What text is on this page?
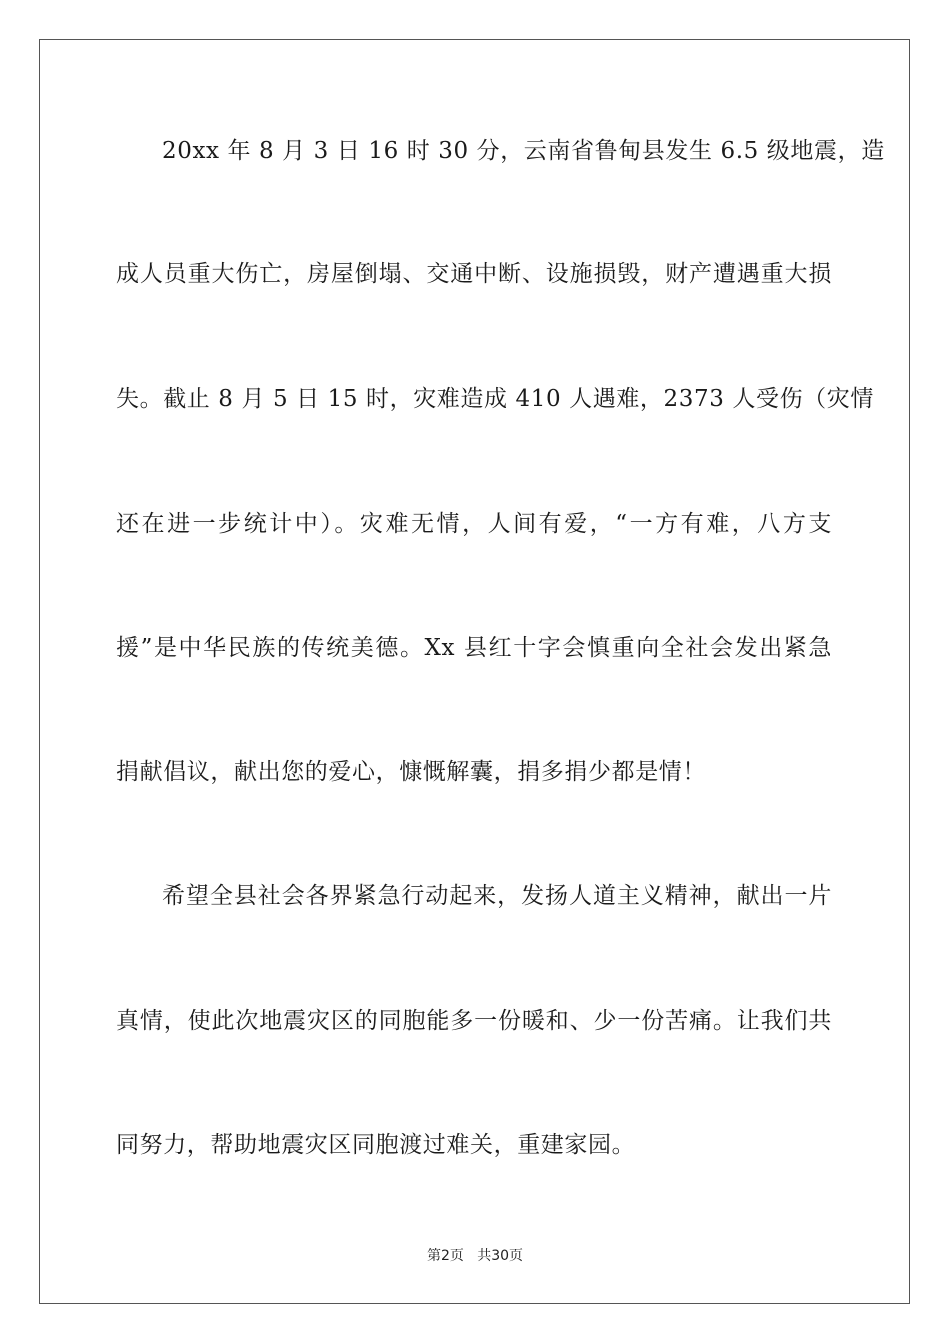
20xx 年 8 月 3 日 16 时 30 分，云南省鲁甸县发生 6.5 级地震，造
成人员重大伤亡，房屋倒塌、交通中断、设施损毁，财产遭遇重大损
失。截止 8 月 5 日 15 时，灾难造成 410 人遇难，2373 人受伤（灾情
还在进一步统计中）。灾难无情，人间有爱，“一方有难，八方支
援”是中华民族的传统美德。Xx 县红十字会慎重向全社会发出紧急
捐献倡议，献出您的爱心，慷慨解囊，捐多捐少都是情！
希望全县社会各界紧急行动起来，发扬人道主义精神，献出一片
真情，使此次地震灾区的同胞能多一份暖和、少一份苦痛。让我们共
同努力，帮助地震灾区同胞渡过难关，重建家园。
第2页 共30页
